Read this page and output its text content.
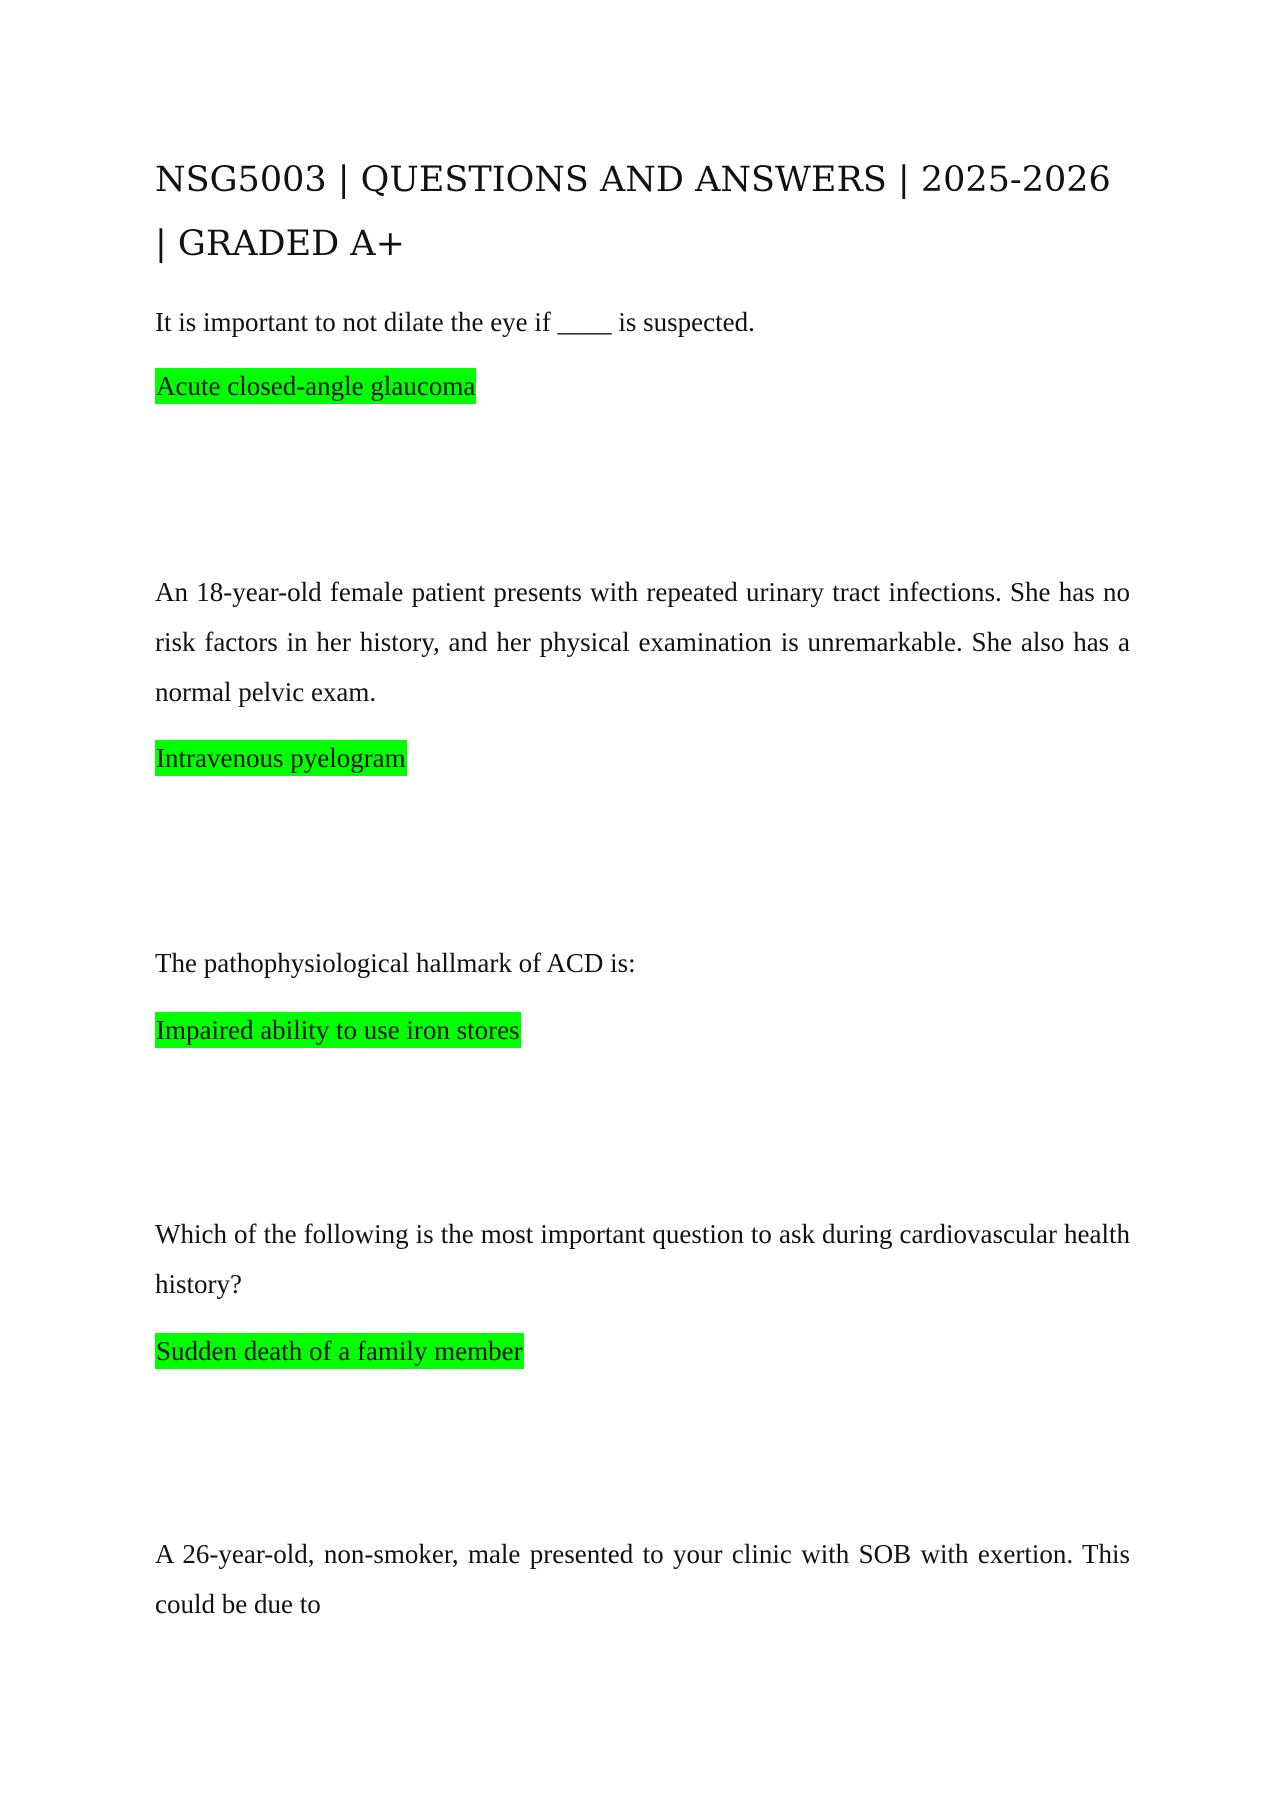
NSG5003 | QUESTIONS AND ANSWERS | 2025-2026 | GRADED A+

It is important to not dilate the eye if ____ is suspected.

Acute closed-angle glaucoma

An 18-year-old female patient presents with repeated urinary tract infections. She has no risk factors in her history, and her physical examination is unremarkable. She also has a normal pelvic exam.

Intravenous pyelogram

The pathophysiological hallmark of ACD is:

Impaired ability to use iron stores

Which of the following is the most important question to ask during cardiovascular health history?

Sudden death of a family member

A 26-year-old, non-smoker, male presented to your clinic with SOB with exertion. This could be due to
